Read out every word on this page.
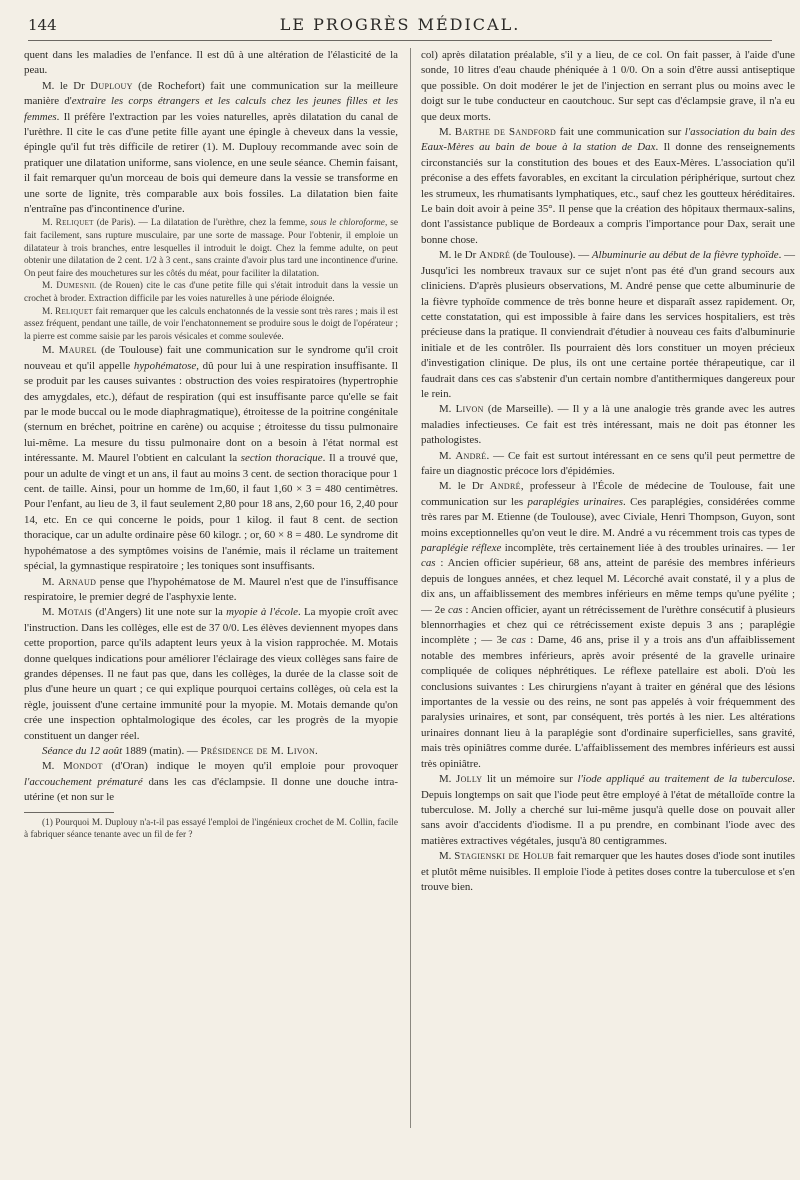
144	LE PROGRÈS MÉDICAL.

quent dans les maladies de l'enfance. Il est dû à une altération de l'élasticité de la peau.

M. le Dr Duplouy (de Rochefort) fait une communication sur la meilleure manière d'extraire les corps étrangers et les calculs chez les jeunes filles et les femmes. Il préfère l'extraction par les voies naturelles, après dilatation du canal de l'urèthre. Il cite le cas d'une petite fille ayant une épingle à cheveux dans la vessie, épingle qu'il fut très difficile de retirer (1). M. Duplouy recommande avec soin de pratiquer une dilatation uniforme, sans violence, en une seule séance. Chemin faisant, il fait remarquer qu'un morceau de bois qui demeure dans la vessie se transforme en une sorte de lignite, très comparable aux bois fossiles. La dilatation bien faite n'entraîne pas d'incontinence d'urine.

M. Reliquet (de Paris). — La dilatation de l'urèthre, chez la femme, sous le chloroforme, se fait facilement, sans rupture musculaire, par une sorte de massage. Pour l'obtenir, il emploie un dilatateur à trois branches, entre lesquelles il introduit le doigt. Chez la femme adulte, on peut obtenir une dilatation de 2 cent. 1/2 à 3 cent., sans crainte d'avoir plus tard une incontinence d'urine. On peut faire des mouchetures sur les côtés du méat, pour faciliter la dilatation.

M. Dumesnil (de Rouen) cite le cas d'une petite fille qui s'était introduit dans la vessie un crochet à broder. Extraction difficile par les voies naturelles à une période éloignée.

M. Reliquet fait remarquer que les calculs enchatonnés de la vessie sont très rares ; mais il est assez fréquent, pendant une taille, de voir l'enchatonnement se produire sous le doigt de l'opérateur ; la pierre est comme saisie par les parois vésicales et comme soulevée.

M. Maurel (de Toulouse) fait une communication sur le syndrome qu'il croit nouveau et qu'il appelle hypohématose, dû pour lui à une respiration insuffisante. Il se produit par les causes suivantes : obstruction des voies respiratoires (hypertrophie des amygdales, etc.), défaut de respiration (qui est insuffisante parce qu'elle se fait par le mode buccal ou le mode diaphragmatique), étroitesse de la poitrine congénitale (sternum en bréchet, poitrine en carène) ou acquise ; étroitesse du tissu pulmonaire lui-même. La mesure du tissu pulmonaire dont on a besoin à l'état normal est intéressante. M. Maurel l'obtient en calculant la section thoracique. Il a trouvé que, pour un adulte de vingt et un ans, il faut au moins 3 cent. de section thoracique pour 1 cent. de taille. Ainsi, pour un homme de 1m,60, il faut 1,60 × 3 = 480 centimètres. Pour l'enfant, au lieu de 3, il faut seulement 2,80 pour 18 ans, 2,60 pour 16, 2,40 pour 14, etc. En ce qui concerne le poids, pour 1 kilog. il faut 8 cent. de section thoracique, car un adulte ordinaire pèse 60 kilogr. ; or, 60 × 8 = 480. Le syndrome dit hypohématose a des symptômes voisins de l'anémie, mais il réclame un traitement spécial, la gymnastique respiratoire ; les toniques sont insuffisants.

M. Arnaud pense que l'hypohématose de M. Maurel n'est que de l'insuffisance respiratoire, le premier degré de l'asphyxie lente.

M. Motais (d'Angers) lit une note sur la myopie à l'école. La myopie croît avec l'instruction. Dans les collèges, elle est de 37 0/0. Les élèves deviennent myopes dans cette proportion, parce qu'ils adaptent leurs yeux à la vision rapprochée. M. Motais donne quelques indications pour améliorer l'éclairage des vieux collèges sans faire de grandes dépenses. Il ne faut pas que, dans les collèges, la durée de la classe soit de plus d'une heure un quart ; ce qui explique pourquoi certains collèges, où cela est la règle, jouissent d'une certaine immunité pour la myopie. M. Motais demande qu'on crée une inspection ophtalmologique des écoles, car les progrès de la myopie constituent un danger réel.

Séance du 12 août 1889 (matin). — Présidence de M. Livon.

M. Mondot (d'Oran) indique le moyen qu'il emploie pour provoquer l'accouchement prématuré dans les cas d'éclampsie. Il donne une douche intra-utérine (et non sur le

(1) Pourquoi M. Duplouy n'a-t-il pas essayé l'emploi de l'ingénieux crochet de M. Collin, facile à fabriquer séance tenante avec un fil de fer ?

col) après dilatation préalable, s'il y a lieu, de ce col. On fait passer, à l'aide d'une sonde, 10 litres d'eau chaude phéniquée à 1 0/0. On a soin d'être aussi antiseptique que possible. On doit modérer le jet de l'injection en serrant plus ou moins avec le doigt sur le tube conducteur en caoutchouc. Sur sept cas d'éclampsie grave, il n'a eu que deux morts.

M. Barthe de Sandford fait une communication sur l'association du bain des Eaux-Mères au bain de boue à la station de Dax. Il donne des renseignements circonstanciés sur la constitution des boues et des Eaux-Mères. L'association qu'il préconise a des effets favorables, en excitant la circulation périphérique, surtout chez les strumeux, les rhumatisants lymphatiques, etc., sauf chez les goutteux héréditaires. Le bain doit avoir à peine 35°. Il pense que la création des hôpitaux thermaux-salins, dont l'assistance publique de Bordeaux a compris l'importance pour Dax, serait une bonne chose.

M. le Dr André (de Toulouse). — Albuminurie au début de la fièvre typhoïde. — Jusqu'ici les nombreux travaux sur ce sujet n'ont pas été d'un grand secours aux cliniciens. D'après plusieurs observations, M. André pense que cette albuminurie de la fièvre typhoïde commence de très bonne heure et disparaît assez rapidement. Or, cette constatation, qui est impossible à faire dans les services hospitaliers, est très précieuse dans la pratique. Il conviendrait d'étudier à nouveau ces faits d'albuminurie initiale et de les contrôler. Ils pourraient dès lors constituer un moyen précieux d'investigation clinique. De plus, ils ont une certaine portée thérapeutique, car il faudrait dans ces cas s'abstenir d'un certain nombre d'antithermiques dangereux pour le rein.

M. Livon (de Marseille). — Il y a là une analogie très grande avec les autres maladies infectieuses. Ce fait est très intéressant, mais ne doit pas étonner les pathologistes.

M. André. — Ce fait est surtout intéressant en ce sens qu'il peut permettre de faire un diagnostic précoce lors d'épidémies.

M. le Dr André, professeur à l'École de médecine de Toulouse, fait une communication sur les paraplégies urinaires. Ces paraplégies, considérées comme très rares par M. Etienne (de Toulouse), avec Civiale, Henri Thompson, Guyon, sont moins exceptionnelles qu'on veut le dire. M. André a vu récemment trois cas types de paraplégie réflexe incomplète, très certainement liée à des troubles urinaires. — 1er cas : Ancien officier supérieur, 68 ans, atteint de parésie des membres inférieurs depuis de longues années, et chez lequel M. Lécorché avait constaté, il y a plus de dix ans, un affaiblissement des membres inférieurs en même temps qu'une pyélite ; — 2e cas : Ancien officier, ayant un rétrécissement de l'urèthre consécutif à plusieurs blennorrhagies et chez qui ce rétrécissement existe depuis 3 ans ; paraplégie incomplète ; — 3e cas : Dame, 46 ans, prise il y a trois ans d'un affaiblissement notable des membres inférieurs, après avoir présenté de la gravelle urinaire compliquée de coliques néphrétiques. Le réflexe patellaire est aboli. D'où les conclusions suivantes : Les chirurgiens n'ayant à traiter en général que des lésions importantes de la vessie ou des reins, ne sont pas appelés à voir fréquemment des paralysies urinaires, et sont, par conséquent, très portés à les nier. Les altérations urinaires donnant lieu à la paraplégie sont d'ordinaire superficielles, sans gravité, mais très opiniâtres comme durée. L'affaiblissement des membres inférieurs est aussi très opiniâtre.

M. Jolly lit un mémoire sur l'iode appliqué au traitement de la tuberculose. Depuis longtemps on sait que l'iode peut être employé à l'état de métalloïde contre la tuberculose. M. Jolly a cherché sur lui-même jusqu'à quelle dose on pouvait aller sans avoir d'accidents d'iodisme. Il a pu prendre, en combinant l'iode avec des matières extractives végétales, jusqu'à 80 centigrammes.

M. Stagienski de Holub fait remarquer que les hautes doses d'iode sont inutiles et plutôt même nuisibles. Il emploie l'iode à petites doses contre la tuberculose et s'en trouve bien.
